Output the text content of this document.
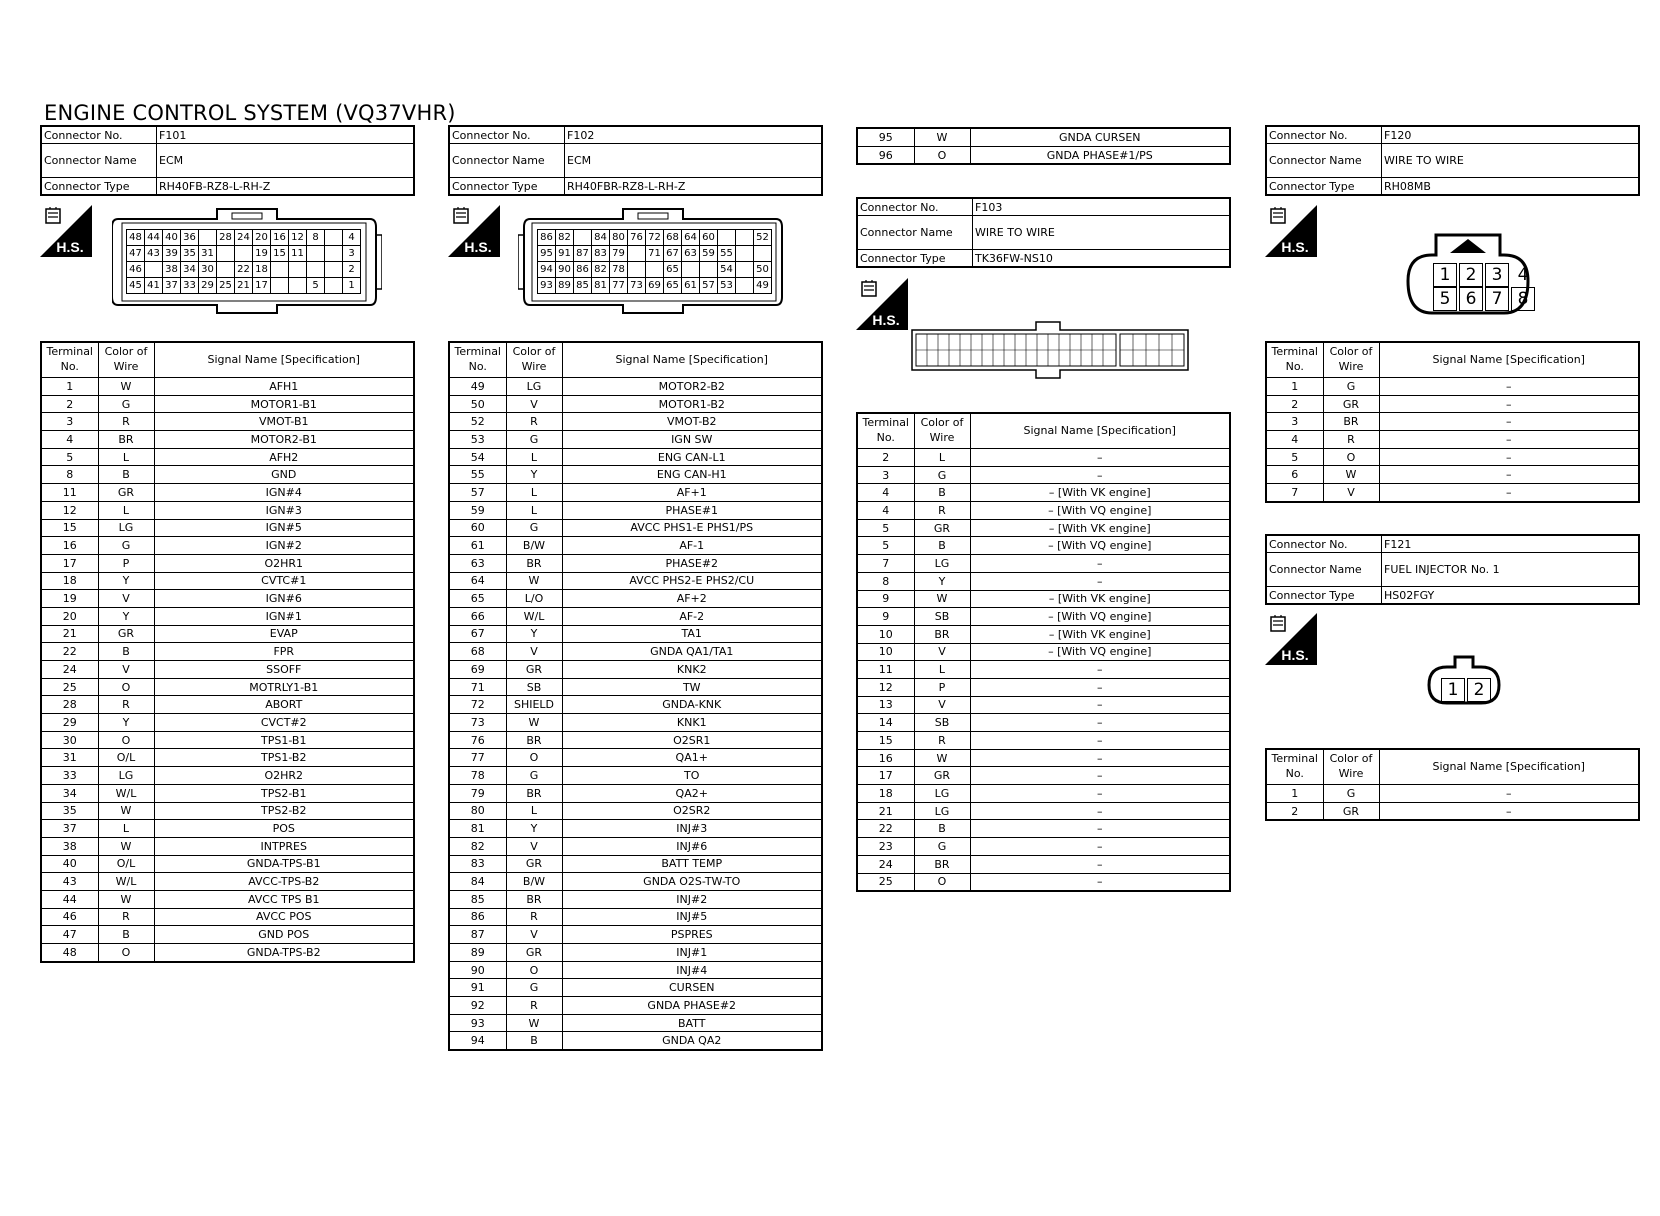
ENGINE CONTROL SYSTEM (VQ37VHR)
Connector No.	F101
Connector Name	ECM
Connector Type	RH40FB-RZ8-L-RH-Z
H.S.
48	44	40	36		28	24	20	16	12	8		4
47	43	39	35	31			19	15	11			3
46		38	34	30		22	18					2
45	41	37	33	29	25	21	17			5		1
Terminal No.	Color of Wire	Signal Name [Specification]
1	W	AFH1
2	G	MOTOR1-B1
3	R	VMOT-B1
4	BR	MOTOR2-B1
5	L	AFH2
8	B	GND
11	GR	IGN#4
12	L	IGN#3
15	LG	IGN#5
16	G	IGN#2
17	P	O2HR1
18	Y	CVTC#1
19	V	IGN#6
20	Y	IGN#1
21	GR	EVAP
22	B	FPR
24	V	SSOFF
25	O	MOTRLY1-B1
28	R	ABORT
29	Y	CVCT#2
30	O	TPS1-B1
31	O/L	TPS1-B2
33	LG	O2HR2
34	W/L	TPS2-B1
35	W	TPS2-B2
37	L	POS
38	W	INTPRES
40	O/L	GNDA-TPS-B1
43	W/L	AVCC-TPS-B2
44	W	AVCC TPS B1
46	R	AVCC POS
47	B	GND POS
48	O	GNDA-TPS-B2
Connector No.	F102
Connector Name	ECM
Connector Type	RH40FBR-RZ8-L-RH-Z
H.S.
86	82		84	80	76	72	68	64	60			52
95	91	87	83	79		71	67	63	59	55		
94	90	86	82	78			65			54		50
93	89	85	81	77	73	69	65	61	57	53		49
Terminal No.	Color of Wire	Signal Name [Specification]
49	LG	MOTOR2-B2
50	V	MOTOR1-B2
52	R	VMOT-B2
53	G	IGN SW
54	L	ENG CAN-L1
55	Y	ENG CAN-H1
57	L	AF+1
59	L	PHASE#1
60	G	AVCC PHS1-E PHS1/PS
61	B/W	AF-1
63	BR	PHASE#2
64	W	AVCC PHS2-E PHS2/CU
65	L/O	AF+2
66	W/L	AF-2
67	Y	TA1
68	V	GNDA QA1/TA1
69	GR	KNK2
71	SB	TW
72	SHIELD	GNDA-KNK
73	W	KNK1
76	BR	O2SR1
77	O	QA1+
78	G	TO
79	BR	QA2+
80	L	O2SR2
81	Y	INJ#3
82	V	INJ#6
83	GR	BATT TEMP
84	B/W	GNDA O2S-TW-TO
85	BR	INJ#2
86	R	INJ#5
87	V	PSPRES
89	GR	INJ#1
90	O	INJ#4
91	G	CURSEN
92	R	GNDA PHASE#2
93	W	BATT
94	B	GNDA QA2
95	W	GNDA CURSEN
96	O	GNDA PHASE#1/PS
Connector No.	F103
Connector Name	WIRE TO WIRE
Connector Type	TK36FW-NS10
H.S.
Terminal No.	Color of Wire	Signal Name [Specification]
2	L	–
3	G	–
4	B	– [With VK engine]
4	R	– [With VQ engine]
5	GR	– [With VK engine]
5	B	– [With VQ engine]
7	LG	–
8	Y	–
9	W	– [With VK engine]
9	SB	– [With VQ engine]
10	BR	– [With VK engine]
10	V	– [With VQ engine]
11	L	–
12	P	–
13	V	–
14	SB	–
15	R	–
16	W	–
17	GR	–
18	LG	–
21	LG	–
22	B	–
23	G	–
24	BR	–
25	O	–
Connector No.	F120
Connector Name	WIRE TO WIRE
Connector Type	RH08MB
H.S.
1 2 3 4
5 6 7 8
Terminal No.	Color of Wire	Signal Name [Specification]
1	G	–
2	GR	–
3	BR	–
4	R	–
5	O	–
6	W	–
7	V	–
Connector No.	F121
Connector Name	FUEL INJECTOR No. 1
Connector Type	HS02FGY
H.S.
1 2
Terminal No.	Color of Wire	Signal Name [Specification]
1	G	–
2	GR	–
